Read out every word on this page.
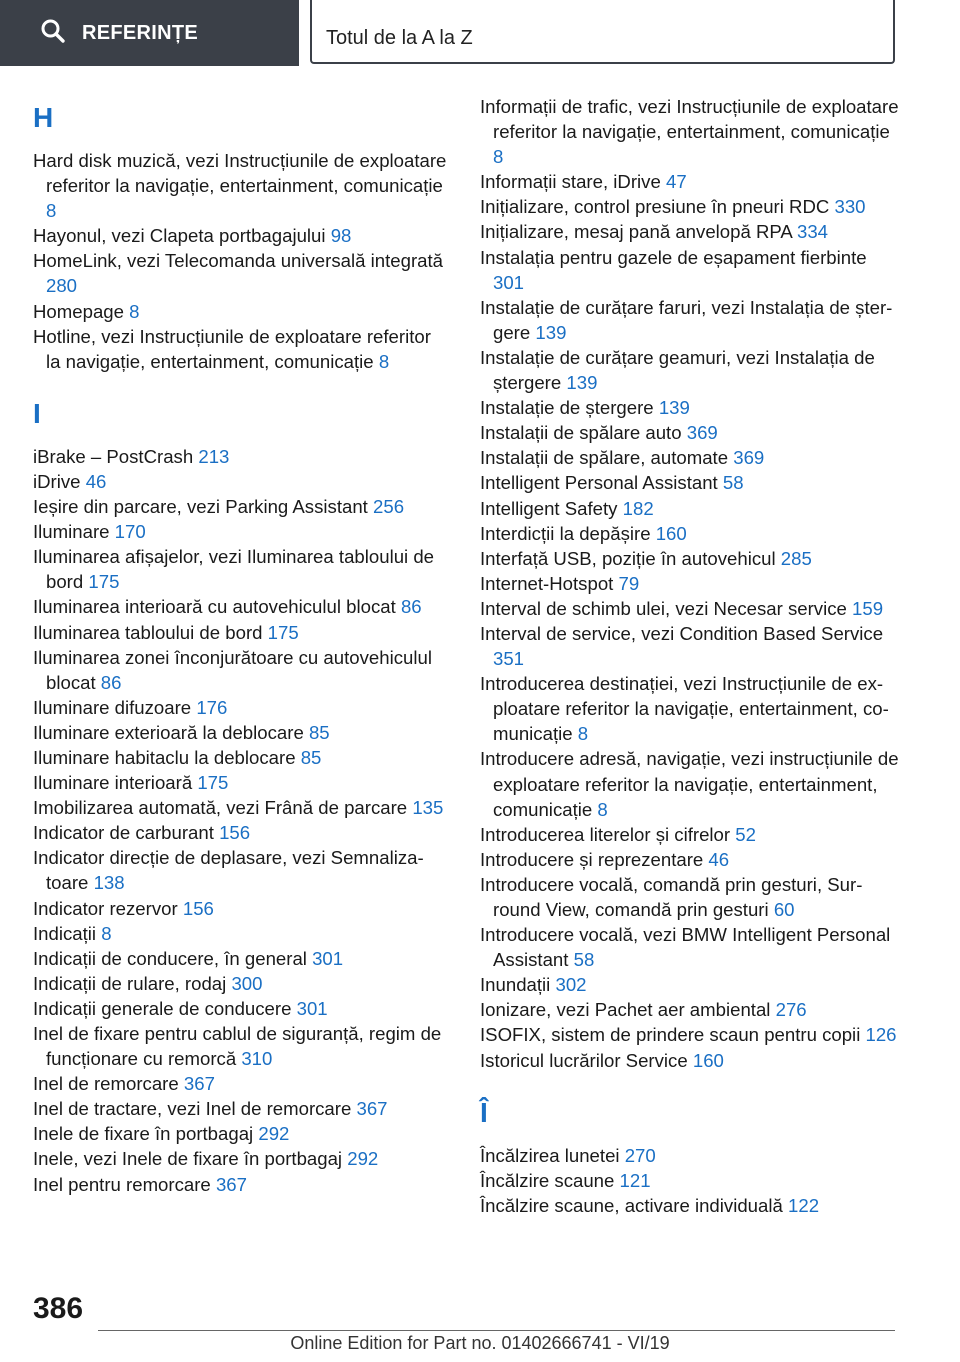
REFERINȚE	Totul de la A la Z
H
Hard disk muzică, vezi Instrucțiunile de exploatare referitor la navigație, entertainment, comunicație 8
Hayonul, vezi Clapeta portbagajului 98
HomeLink, vezi Telecomanda universală integrată 280
Homepage 8
Hotline, vezi Instrucțiunile de exploatare referitor la navigație, entertainment, comunicație 8
I
iBrake – PostCrash 213
iDrive 46
Ieșire din parcare, vezi Parking Assistant 256
Iluminare 170
Iluminarea afișajelor, vezi Iluminarea tabloului de bord 175
Iluminarea interioară cu autovehiculul blocat 86
Iluminarea tabloului de bord 175
Iluminarea zonei înconjurătoare cu autovehiculul blocat 86
Iluminare difuzoare 176
Iluminare exterioară la deblocare 85
Iluminare habitaclu la deblocare 85
Iluminare interioară 175
Imobilizarea automată, vezi Frână de parcare 135
Indicator de carburant 156
Indicator direcție de deplasare, vezi Semnalizatoare 138
Indicator rezervor 156
Indicații 8
Indicații de conducere, în general 301
Indicații de rulare, rodaj 300
Indicații generale de conducere 301
Inel de fixare pentru cablul de siguranță, regim de funcționare cu remorcă 310
Inel de remorcare 367
Inel de tractare, vezi Inel de remorcare 367
Inele de fixare în portbagaj 292
Inele, vezi Inele de fixare în portbagaj 292
Inel pentru remorcare 367
Informații de trafic, vezi Instrucțiunile de exploatare referitor la navigație, entertainment, comunicație 8
Informații stare, iDrive 47
Inițializare, control presiune în pneuri RDC 330
Inițializare, mesaj pană anvelopă RPA 334
Instalația pentru gazele de eșapament fierbinte 301
Instalație de curățare faruri, vezi Instalația de ștergere 139
Instalație de curățare geamuri, vezi Instalația de ștergere 139
Instalație de ștergere 139
Instalații de spălare auto 369
Instalații de spălare, automate 369
Intelligent Personal Assistant 58
Intelligent Safety 182
Interdicții la depășire 160
Interfață USB, poziție în autovehicul 285
Internet-Hotspot 79
Interval de schimb ulei, vezi Necesar service 159
Interval de service, vezi Condition Based Service 351
Introducerea destinației, vezi Instrucțiunile de exploatare referitor la navigație, entertainment, comunicație 8
Introducere adresă, navigație, vezi instrucțiunile de exploatare referitor la navigație, entertainment, comunicație 8
Introducerea literelor și cifrelor 52
Introducere și reprezentare 46
Introducere vocală, comandă prin gesturi, Surround View, comandă prin gesturi 60
Introducere vocală, vezi BMW Intelligent Personal Assistant 58
Inundații 302
Ionizare, vezi Pachet aer ambiental 276
ISOFIX, sistem de prindere scaun pentru copii 126
Istoricul lucrărilor Service 160
Î
Încălzirea lunetei 270
Încălzire scaune 121
Încălzire scaune, activare individuală 122
386
Online Edition for Part no. 01402666741 - VI/19
